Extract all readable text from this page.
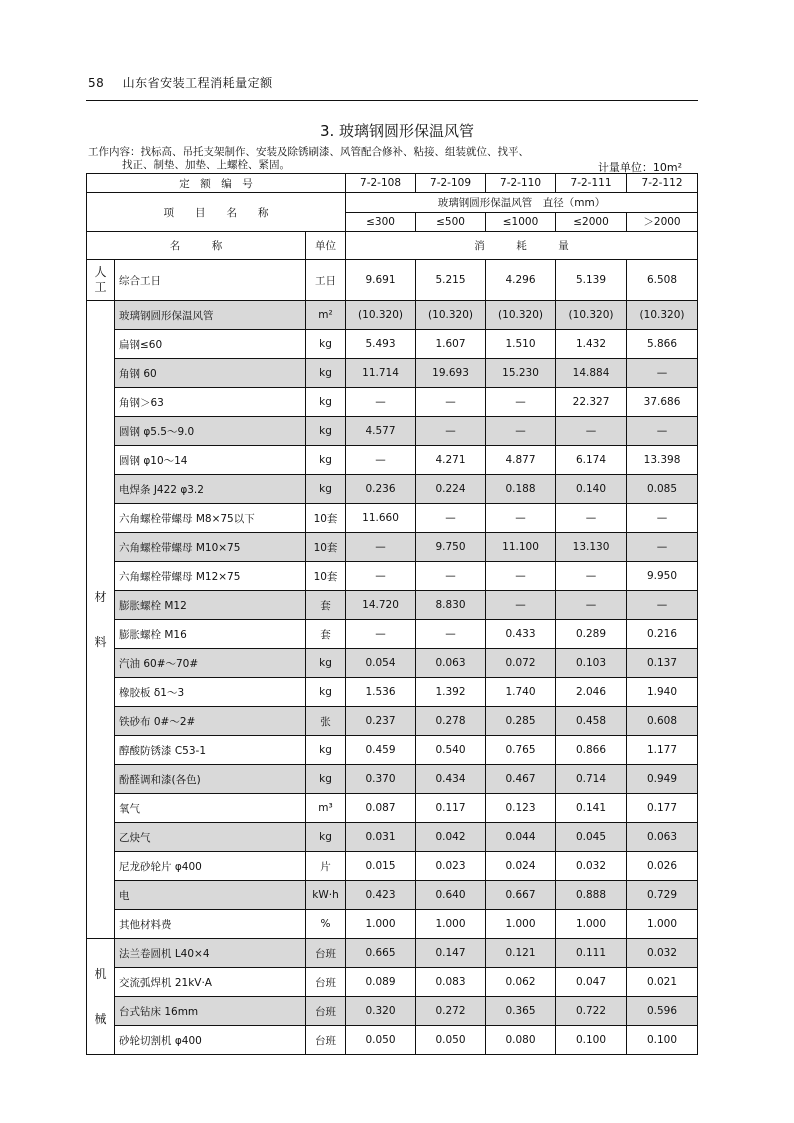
58 山东省安装工程消耗量定额
3. 玻璃钢圆形保温风管
工作内容：找标高、吊托支架制作、安装及除锈刷漆、风管配合修补、粘接、组装就位、找平、
找正、制垫、加垫、上螺栓、紧固。	计量单位：10m²
定　额　编　号			7-2-108	7-2-109	7-2-110	7-2-111	7-2-112
项　　目　　名　　称			玻璃钢圆形保温风管　直径（mm）				
			≤300	≤500	≤1000	≤2000	＞2000
名　　　称		单位	消　　　耗　　　量				
人
工	综合工日	工日	9.691	5.215	4.296	5.139	6.508
材

料	玻璃钢圆形保温风管	m²	(10.320)	(10.320)	(10.320)	(10.320)	(10.320)
	扁钢≤60	kg	5.493	1.607	1.510	1.432	5.866
	角钢 60	kg	11.714	19.693	15.230	14.884	—
	角钢＞63	kg	—	—	—	22.327	37.686
	圆钢 φ5.5～9.0	kg	4.577	—	—	—	—
	圆钢 φ10～14	kg	—	4.271	4.877	6.174	13.398
	电焊条 J422 φ3.2	kg	0.236	0.224	0.188	0.140	0.085
	六角螺栓带螺母 M8×75以下	10套	11.660	—	—	—	—
	六角螺栓带螺母 M10×75	10套	—	9.750	11.100	13.130	—
	六角螺栓带螺母 M12×75	10套	—	—	—	—	9.950
	膨胀螺栓 M12	套	14.720	8.830	—	—	—
	膨胀螺栓 M16	套	—	—	0.433	0.289	0.216
	汽油 60#～70#	kg	0.054	0.063	0.072	0.103	0.137
	橡胶板 δ1～3	kg	1.536	1.392	1.740	2.046	1.940
	铁砂布 0#～2#	张	0.237	0.278	0.285	0.458	0.608
	醇酸防锈漆 C53-1	kg	0.459	0.540	0.765	0.866	1.177
	酚醛调和漆(各色)	kg	0.370	0.434	0.467	0.714	0.949
	氧气	m³	0.087	0.117	0.123	0.141	0.177
	乙炔气	kg	0.031	0.042	0.044	0.045	0.063
	尼龙砂轮片 φ400	片	0.015	0.023	0.024	0.032	0.026
	电	kW·h	0.423	0.640	0.667	0.888	0.729
	其他材料费	%	1.000	1.000	1.000	1.000	1.000
机

械	法兰卷圆机 L40×4	台班	0.665	0.147	0.121	0.111	0.032
	交流弧焊机 21kV·A	台班	0.089	0.083	0.062	0.047	0.021
	台式钻床 16mm	台班	0.320	0.272	0.365	0.722	0.596
	砂轮切割机 φ400	台班	0.050	0.050	0.080	0.100	0.100
